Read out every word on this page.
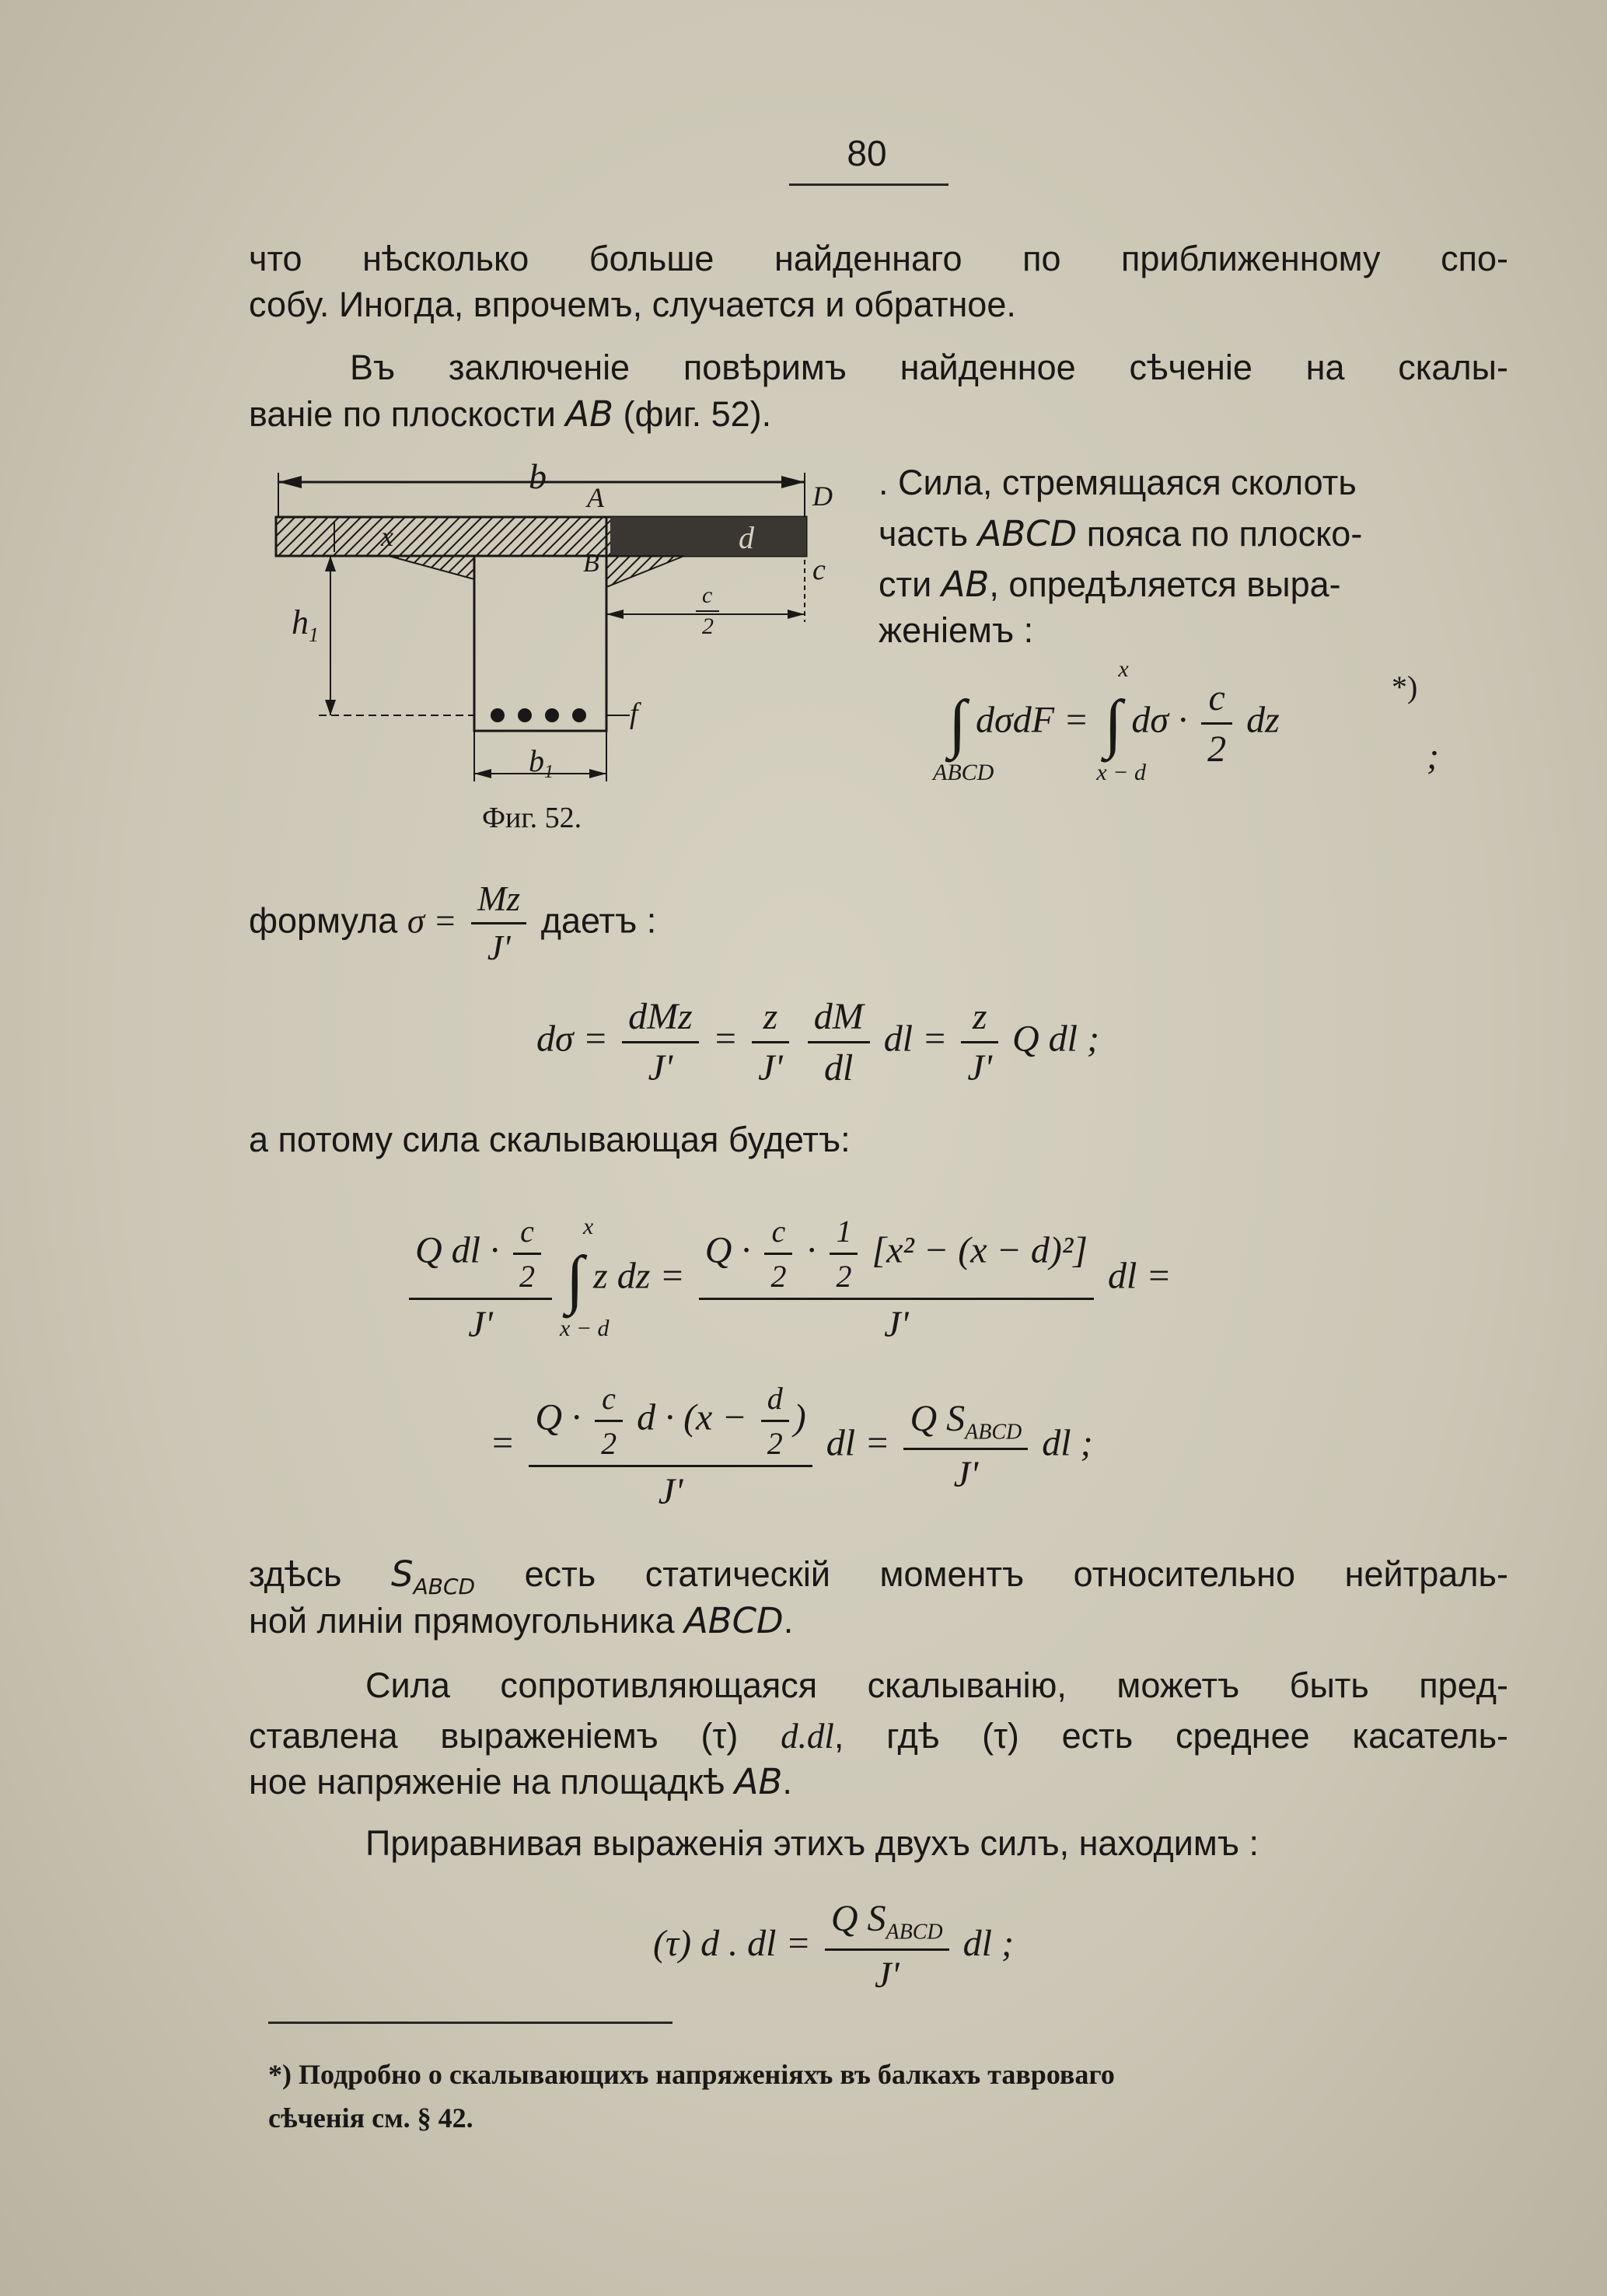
80
что нѣсколько больше найденнаго по приближенному спо-
собу. Иногда, впрочемъ, случается и обратное.
Въ заключеніе повѣримъ найденное сѣченіе на скалы-
ваніе по плоскости AB (фиг. 52).
b
A	D
d
B	c
x
c
2
$h_1$
f
$b_1$
Фиг. 52.
. Сила, стремящаяся сколоть
часть ABCD пояса по плоско-
сти AB, опредѣляется выра-
женіемъ :
∫
ABCD
dσdF =
x
∫
x − d
$d\sigma \cdot \frac{c}{2}$ dz
*)
;
формула $\sigma = \frac{Mz}{J'}$ даетъ :
$d\sigma = \frac{\text{dMz}}{J'} = \frac{z}{J'}$
$\frac{dM}{dl}$ dl = $\frac{z}{J'}$ Q dl ;
а потому сила скалывающая будетъ:
$\frac{Q dl \cdot \frac{c}{2}}{J'}$
x
∫
x − d
z dz = $\frac{Q \cdot \frac{c}{2} \cdot \frac{1}{2} [x^2 - (x - d)^2]}{J'}$ dl =
= $\frac{Q \cdot \frac{c}{2} d \cdot (x - \frac{d}{2} )}{J'}$ dl = $\frac{Q S_{ABCD}}{J'}$ dl ;
здѣсь $S_{ABCD}$ есть статическій моментъ относительно нейтраль-
ной линіи прямоугольника ABCD.
Сила сопротивляющаяся скалыванію, можетъ быть пред-
ставлена выраженіемъ (τ) d.dl, гдѣ (τ) есть среднее касатель-
ное напряженіе на площадкѣ AB.
Приравнивая выраженія этихъ двухъ силъ, находимъ :
(τ) d . dl = $\frac{Q S_{ABCD}}{J'}$ dl ;
*) Подробно о скалывающихъ напряженіяхъ въ балкахъ тавроваго
сѣченія см. § 42.
